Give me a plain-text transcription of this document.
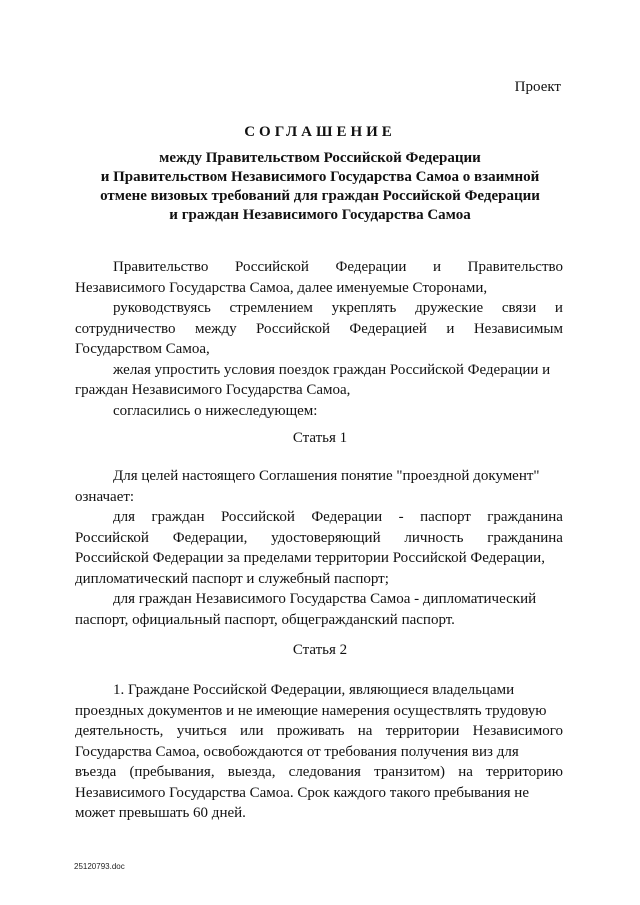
Проект
СОГЛАШЕНИЕ
между Правительством Российской Федерации
и Правительством Независимого Государства Самоа о взаимной
отмене визовых требований для граждан Российской Федерации
и граждан Независимого Государства Самоа
Правительство Российской Федерации и Правительство
Независимого Государства Самоа, далее именуемые Сторонами,
руководствуясь стремлением укреплять дружеские связи и
сотрудничество между Российской Федерацией и Независимым
Государством Самоа,
желая упростить условия поездок граждан Российской Федерации и
граждан Независимого Государства Самоа,
согласились о нижеследующем:
Статья 1
Для целей настоящего Соглашения понятие "проездной документ"
означает:
для граждан Российской Федерации - паспорт гражданина
Российской Федерации, удостоверяющий личность гражданина
Российской Федерации за пределами территории Российской Федерации,
дипломатический паспорт и служебный паспорт;
для граждан Независимого Государства Самоа - дипломатический
паспорт, официальный паспорт, общегражданский паспорт.
Статья 2
1. Граждане Российской Федерации, являющиеся владельцами
проездных документов и не имеющие намерения осуществлять трудовую
деятельность, учиться или проживать на территории Независимого
Государства Самоа, освобождаются от требования получения виз для
въезда (пребывания, выезда, следования транзитом) на территорию
Независимого Государства Самоа. Срок каждого такого пребывания не
может превышать 60 дней.
25120793.doc
